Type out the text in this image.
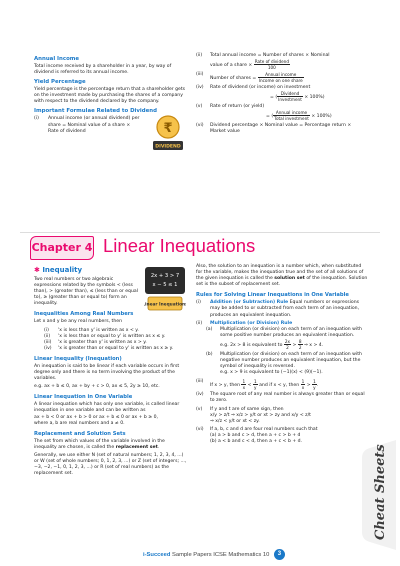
Annual Income

Total income received by a shareholder in a year, by way of dividend is referred to its annual income.

Yield Percentage

Yield percentage is the percentage return that a shareholder gets on the investment made by purchasing the shares of a company with respect to the dividend declared by the company.

Important Formulae Related to Dividend
(i)	Annual income (or annual dividend) per share = Nominal value of a share × Rate of dividend	₹
DIVIDEND
(ii)	Total annual income = Number of shares × Nominal
value of a share × $\frac{\text{Rate of dividend}}{100}$
(iii)
Number of shares = $\frac{\text{Annual income}}{\text{Income on one share}}$
(iv)	Rate of dividend (or income) on investment
= ( $\frac{\text{Dividend}}{\text{Investment}} \times 100\%$)
(v)	Rate of return (or yield)
= ( $\frac{\text{Annual income}}{\text{Total investment}} \times 100\%$)
(vi)	Dividend percentage × Nominal value = Percentage return × Market value
Chapter 4 Linear Inequations
✱ Inequality

Two real numbers or two algebraic expressions related by the symbols < (less than), > (greater than), ≤ (less than or equal to), ≥ (greater than or equal to) form an inequality.

Inequalities Among Real Numbers

Let x and y be any real numbers, then

(i)	'x is less than y' is written as x < y.
(ii)	'x is less than or equal to y' is written as x ≤ y.
(iii)	'x is greater than y' is written as x > y.
(iv)	'x is greater than or equal to y' is written as x ≥ y.
Linear Inequality (Inequation)

An inequation is said to be linear if each variable occurs in first degree only and there is no term involving the product of the variables.

e.g. ax + b ≤ 0, ax + by + c > 0, ax ≤ 5, 2y ≥ 10, etc.

Linear Inequation in One Variable

A linear inequation which has only one variable, is called linear inequation in one variable and can be written as

ax + b < 0 or ax + b > 0 or ax + b ≤ 0 or ax + b ≥ 0,

where a, b are real numbers and a ≠ 0.

Replacement and Solution Sets

The set from which values of the variable involved in the inequality are chosen, is called the replacement set.

Generally, we use either N (set of natural numbers; 1, 2, 3, 4, ...) or W (set of whole numbers; 0, 1, 2, 3, ...) or Z (set of integers; ..., −3, −2, −1, 0, 1, 2, 3, ...) or R (set of real numbers) as the replacement set.

2x + 3 > 7
x − 5 ≤ 1
Linear Inequations

Also, the solution to an inequation is a number which, when substituted for the variable, makes the inequation true and the set of all solutions of the given inequation is called the solution set of the inequation. Solution set is the subset of replacement set.

Rules for Solving Linear Inequations in One Variable
(i)	Addition (or Subtraction) Rule Equal numbers or expressions may be added to or subtracted from each term of an inequation, produces an equivalent inequation.
(ii)	Multiplication (or Division) Rule
(a)	Multiplication (or division) on each term of an inequation with some positive number produces an equivalent inequation.
e.g. 2x > 8 is equivalent to $\frac{2x}{2} > \frac{8}{2}$ ⇒ x > 4.
(b)	Multiplication (or division) on each term of an inequation with negative number produces an equivalent inequation, but the symbol of inequality is reversed.
e.g. x > 9 is equivalent to (−1)(x) < (9)(−1).
(iii)
If x > y, then $\frac{1}{x} < \frac{1}{y}$ and if x < y, then $\frac{1}{x} > \frac{1}{y}$ .
(iv)	The square root of any real number is always greater than or equal to zero.
(v)	If y and t are of same sign, then
x/y > z/t ⇒ x/z > y/t or xt > zy and x/y < z/t
⇒ x/z < y/t or xt < zy.
(vi)	If a, b, c and d are four real numbers such that
(a) a > b and c > d, then a + c > b + d
(b) a < b and c < d, then a + c < b + d.
Cheat Sheets
i-Succeed Sample Papers ICSE Mathematics 10 3
